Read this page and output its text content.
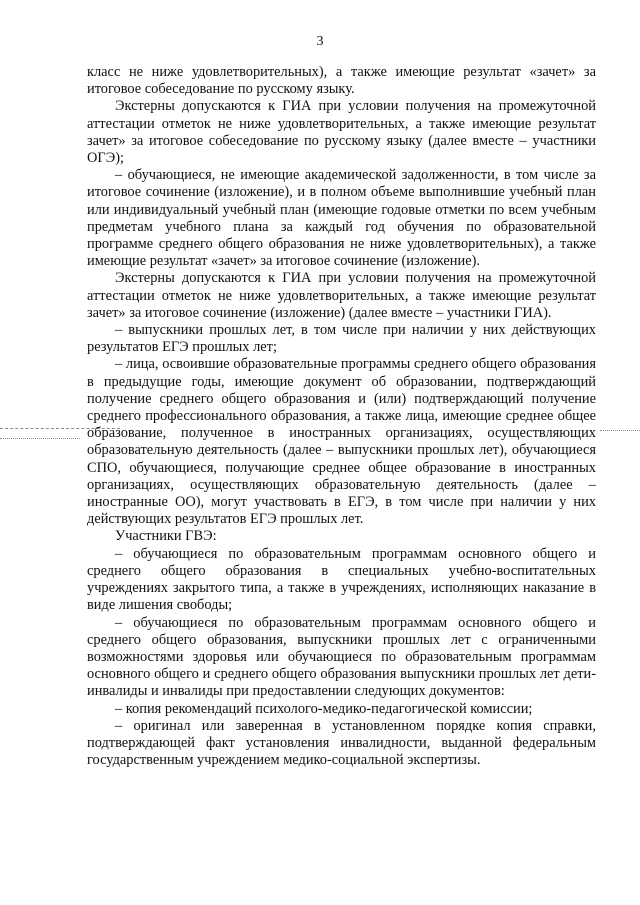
3

класс не ниже удовлетворительных), а также имеющие результат «зачет» за итоговое собеседование по русскому языку.

Экстерны допускаются к ГИА при условии получения на промежуточной аттестации отметок не ниже удовлетворительных, а также имеющие результат зачет» за итоговое собеседование по русскому языку (далее вместе – участники ОГЭ);

– обучающиеся, не имеющие академической задолженности, в том числе за итоговое сочинение (изложение), и в полном объеме выполнившие учебный план или индивидуальный учебный план (имеющие годовые отметки по всем учебным предметам учебного плана за каждый год обучения по образовательной программе среднего общего образования не ниже удовлетворительных), а также имеющие результат «зачет» за итоговое сочинение (изложение).

Экстерны допускаются к ГИА при условии получения на промежуточной аттестации отметок не ниже удовлетворительных, а также имеющие результат зачет» за итоговое сочинение (изложение) (далее вместе – участники ГИА).

– выпускники прошлых лет, в том числе при наличии у них действующих результатов ЕГЭ прошлых лет;

– лица, освоившие образовательные программы среднего общего образования в предыдущие годы, имеющие документ об образовании, подтверждающий получение среднего общего образования и (или) подтверждающий получение среднего профессионального образования, а также лица, имеющие среднее общее образование, полученное в иностранных организациях, осуществляющих образовательную деятельность (далее – выпускники прошлых лет), обучающиеся СПО, обучающиеся, получающие среднее общее образование в иностранных организациях, осуществляющих образовательную деятельность (далее – иностранные ОО), могут участвовать в ЕГЭ, в том числе при наличии у них действующих результатов ЕГЭ прошлых лет.

Участники ГВЭ:

– обучающиеся по образовательным программам основного общего и среднего общего образования в специальных учебно-воспитательных учреждениях закрытого типа, а также в учреждениях, исполняющих наказание в виде лишения свободы;

– обучающиеся по образовательным программам основного общего и среднего общего образования, выпускники прошлых лет с ограниченными возможностями здоровья или обучающиеся по образовательным программам основного общего и среднего общего образования выпускники прошлых лет дети-инвалиды и инвалиды при предоставлении следующих документов:

– копия рекомендаций психолого-медико-педагогической комиссии;

– оригинал или заверенная в установленном порядке копия справки, подтверждающей факт установления инвалидности, выданной федеральным государственным учреждением медико-социальной экспертизы.
